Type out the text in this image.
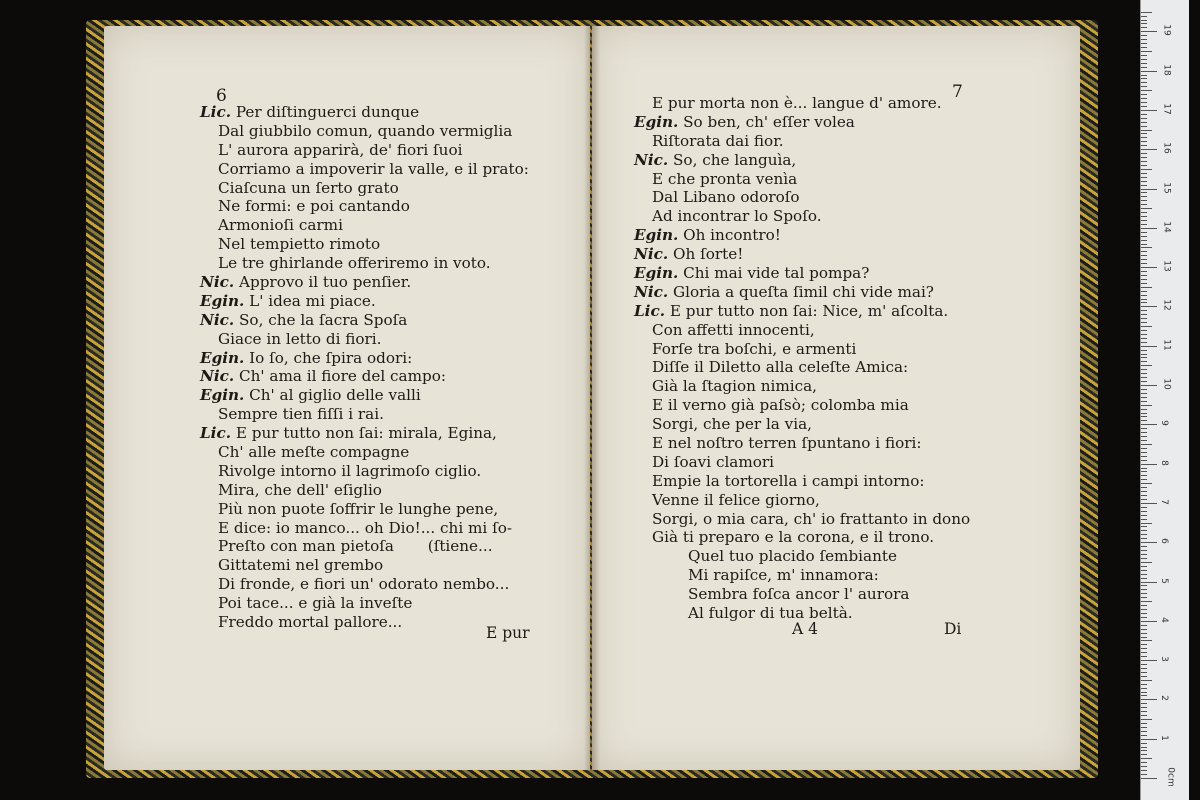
6
Lic. Per diſtinguerci dunque
Dal giubbilo comun, quando vermiglia
L' aurora apparirà, de' fiori ſuoi
Corriamo a impoverir la valle, e il prato:
Ciaſcuna un ſerto grato
Ne formi: e poi cantando
Armonioſi carmi
Nel tempietto rimoto
Le tre ghirlande offeriremo in voto.
Nic. Approvo il tuo penſier.
Egin. L' idea mi piace.
Nic. So, che la ſacra Spoſa
Giace in letto di fiori.
Egin. Io ſo, che ſpira odori:
Nic. Ch' ama il fiore del campo:
Egin. Ch' al giglio delle valli
Sempre tien fiſſi i rai.
Lic. E pur tutto non ſai: mirala, Egina,
Ch' alle meſte compagne
Rivolge intorno il lagrimoſo ciglio.
Mira, che dell' eſiglio
Più non puote ſoffrir le lunghe pene,
E dice: io manco... oh Dio!... chi mi ſo-
Preſto con man pietoſa       (ſtiene...
Gittatemi nel grembo
Di fronde, e fiori un' odorato nembo...
Poi tace... e già la inveſte
Freddo mortal pallore...
E pur
7
E pur morta non è... langue d' amore.
Egin. So ben, ch' eſſer volea
Riſtorata dai fior.
Nic. So, che languìa,
E che pronta venìa
Dal Libano odoroſo
Ad incontrar lo Spoſo.
Egin. Oh incontro!
Nic. Oh ſorte!
Egin. Chi mai vide tal pompa?
Nic. Gloria a queſta ſimil chi vide mai?
Lic. E pur tutto non ſai: Nice, m' aſcolta.
Con affetti innocenti,
Forſe tra boſchi, e armenti
Diſſe il Diletto alla celeſte Amica:
Già la ſtagion nimica,
E il verno già paſsò; colomba mia
Sorgi, che per la via,
E nel noſtro terren ſpuntano i fiori:
Di ſoavi clamori
Empie la tortorella i campi intorno:
Venne il felice giorno,
Sorgi, o mia cara, ch' io frattanto in dono
Già ti preparo e la corona, e il trono.
Quel tuo placido ſembiante
Mi rapiſce, m' innamora:
Sembra foſca ancor l' aurora
Al fulgor di tua beltà.
A 4	Di
0cm
1
2
3
4
5
6
7
8
9
10
11
12
13
14
15
16
17
18
19
